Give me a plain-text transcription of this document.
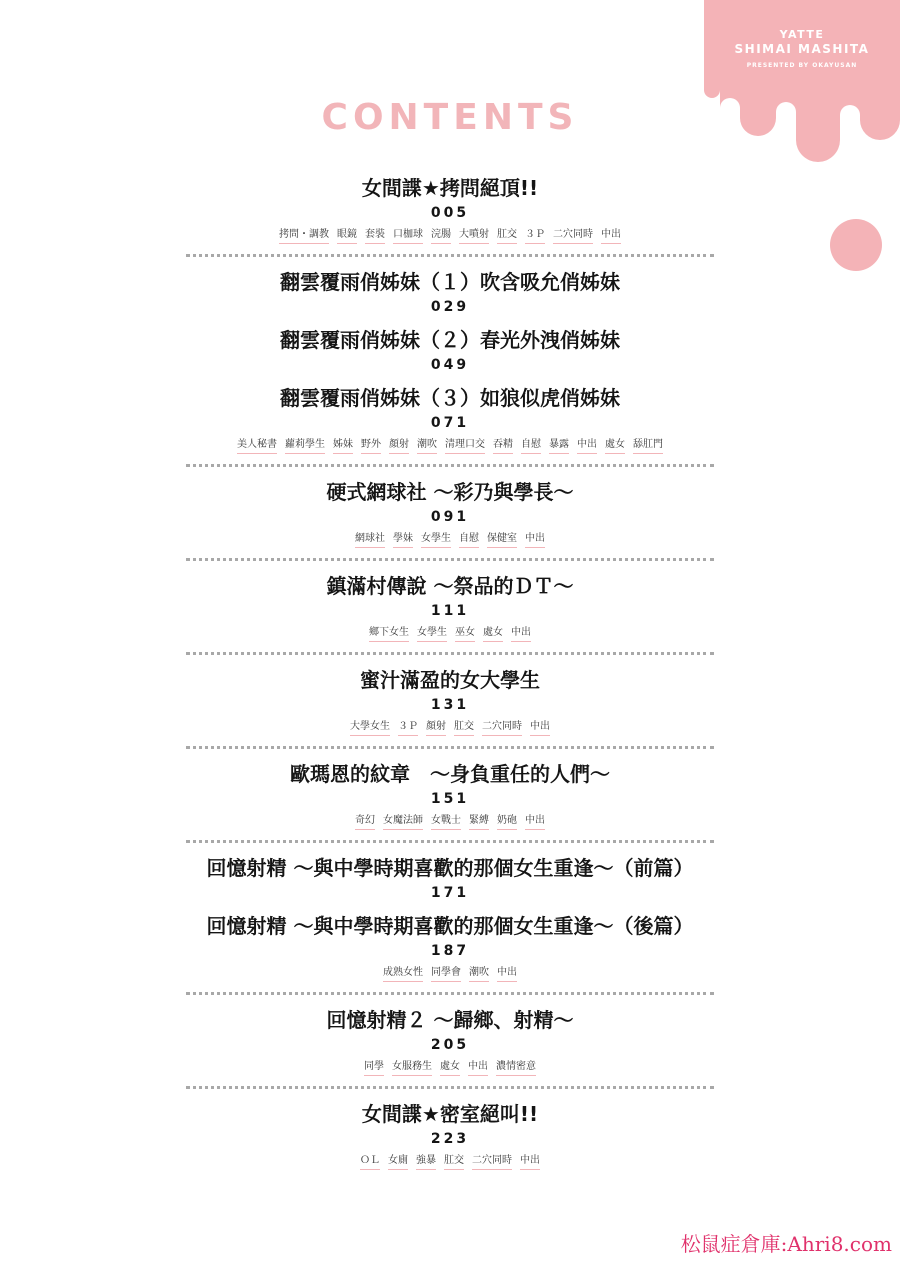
YATTE
SHIMAI MASHITA
PRESENTED BY OKAYUSAN
CONTENTS
女間諜★拷問絕頂!!
005
拷問・調教 眼鏡 套裝 口枷球 浣腸 大噴射 肛交 ３Ｐ 二穴同時 中出
翻雲覆雨俏姊妹（１）吹含吸允俏姊妹
029
翻雲覆雨俏姊妹（２）春光外洩俏姊妹
049
翻雲覆雨俏姊妹（３）如狼似虎俏姊妹
071
美人秘書 蘿莉學生 姊妹 野外 顏射 潮吹 清理口交 吞精 自慰 暴露 中出 處女 舔肛門
硬式網球社 ～彩乃與學長～
091
網球社 學妹 女學生 自慰 保健室 中出
鎮滿村傳說 ～祭品的ＤＴ～
111
鄉下女生 女學生 巫女 處女 中出
蜜汁滿盈的女大學生
131
大學女生 ３Ｐ 顏射 肛交 二穴同時 中出
歐瑪恩的紋章　～身負重任的人們～
151
奇幻 女魔法師 女戰士 緊縛 奶砲 中出
回憶射精 ～與中學時期喜歡的那個女生重逢～（前篇）
171
回憶射精 ～與中學時期喜歡的那個女生重逢～（後篇）
187
成熟女性 同學會 潮吹 中出
回憶射精２ ～歸鄉、射精～
205
同學 女服務生 處女 中出 濃情密意
女間諜★密室絕叫!!
223
ＯＬ 女廁 強暴 肛交 二穴同時 中出
松鼠症倉庫:Ahri8.com
